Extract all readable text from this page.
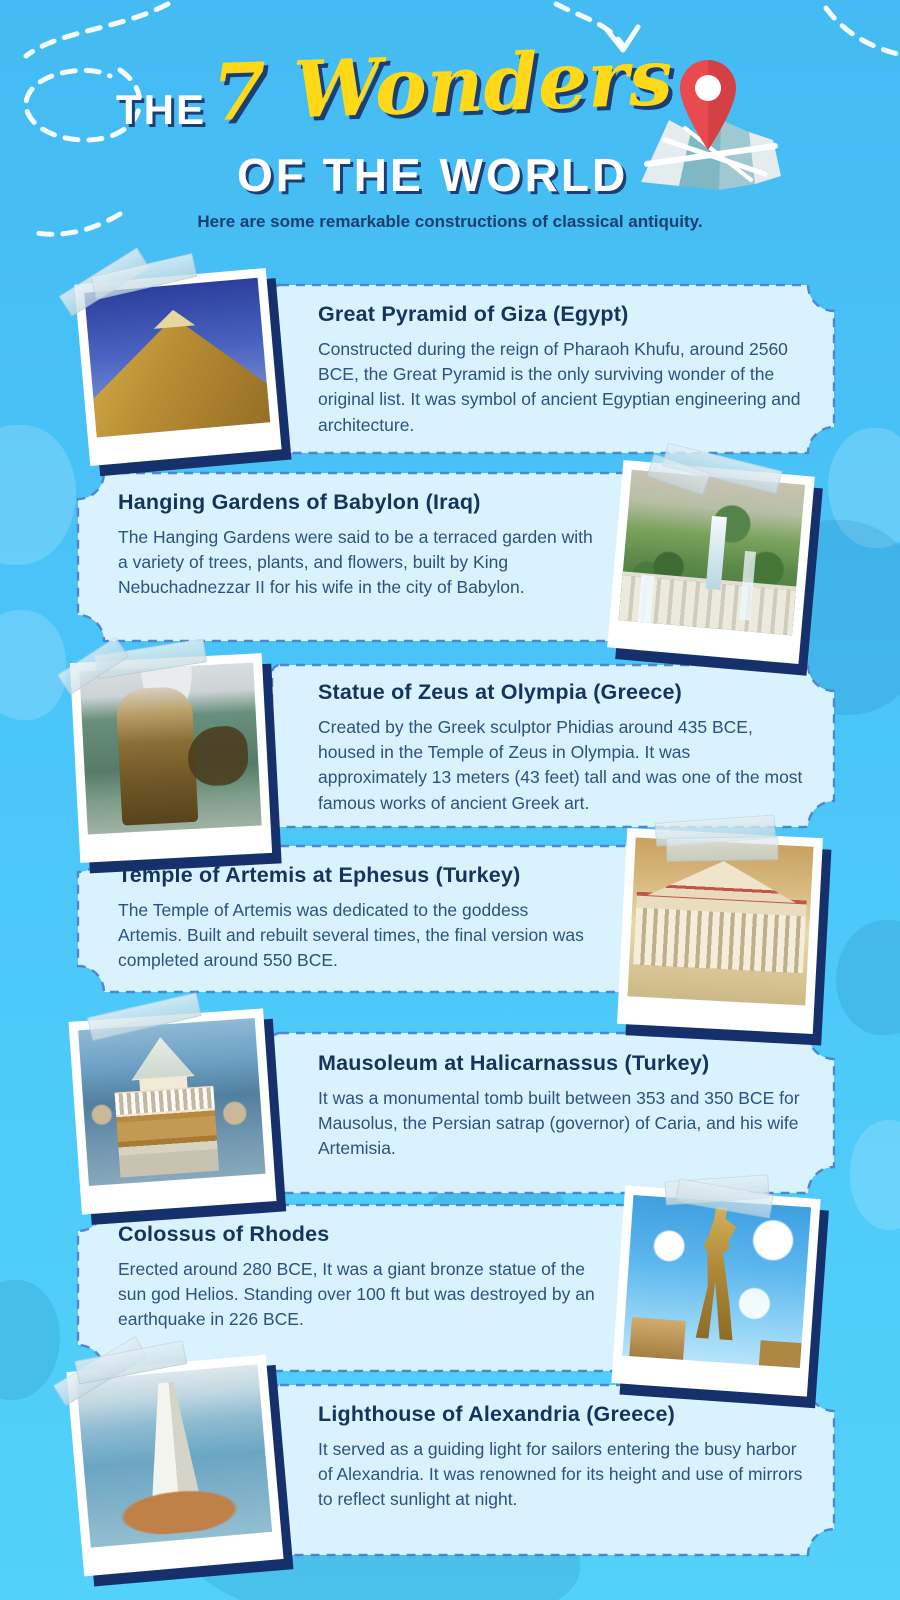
THE 7 Wonders
OF THE WORLD
Here are some remarkable constructions of classical antiquity.
Great Pyramid of Giza (Egypt)
Constructed during the reign of Pharaoh Khufu, around 2560 BCE, the Great Pyramid is the only surviving wonder of the original list. It was symbol of ancient Egyptian engineering and architecture.
Hanging Gardens of Babylon (Iraq)
The Hanging Gardens were said to be a terraced garden with a variety of trees, plants, and flowers, built by King Nebuchadnezzar II for his wife in the city of Babylon.
Statue of Zeus at Olympia (Greece)
Created by the Greek sculptor Phidias around 435 BCE, housed in the Temple of Zeus in Olympia. It was approximately 13 meters (43 feet) tall and was one of the most famous works of ancient Greek art.
Temple of Artemis at Ephesus (Turkey)
The Temple of Artemis was dedicated to the goddess Artemis. Built and rebuilt several times, the final version was completed around 550 BCE.
Mausoleum at Halicarnassus (Turkey)
It was a monumental tomb built between 353 and 350 BCE for Mausolus, the Persian satrap (governor) of Caria, and his wife Artemisia.
Colossus of Rhodes
Erected around 280 BCE, It was a giant bronze statue of the sun god Helios. Standing over 100 ft but was destroyed by an earthquake in 226 BCE.
Lighthouse of Alexandria (Greece)
It served as a guiding light for sailors entering the busy harbor of Alexandria. It was renowned for its height and use of mirrors to reflect sunlight at night.
